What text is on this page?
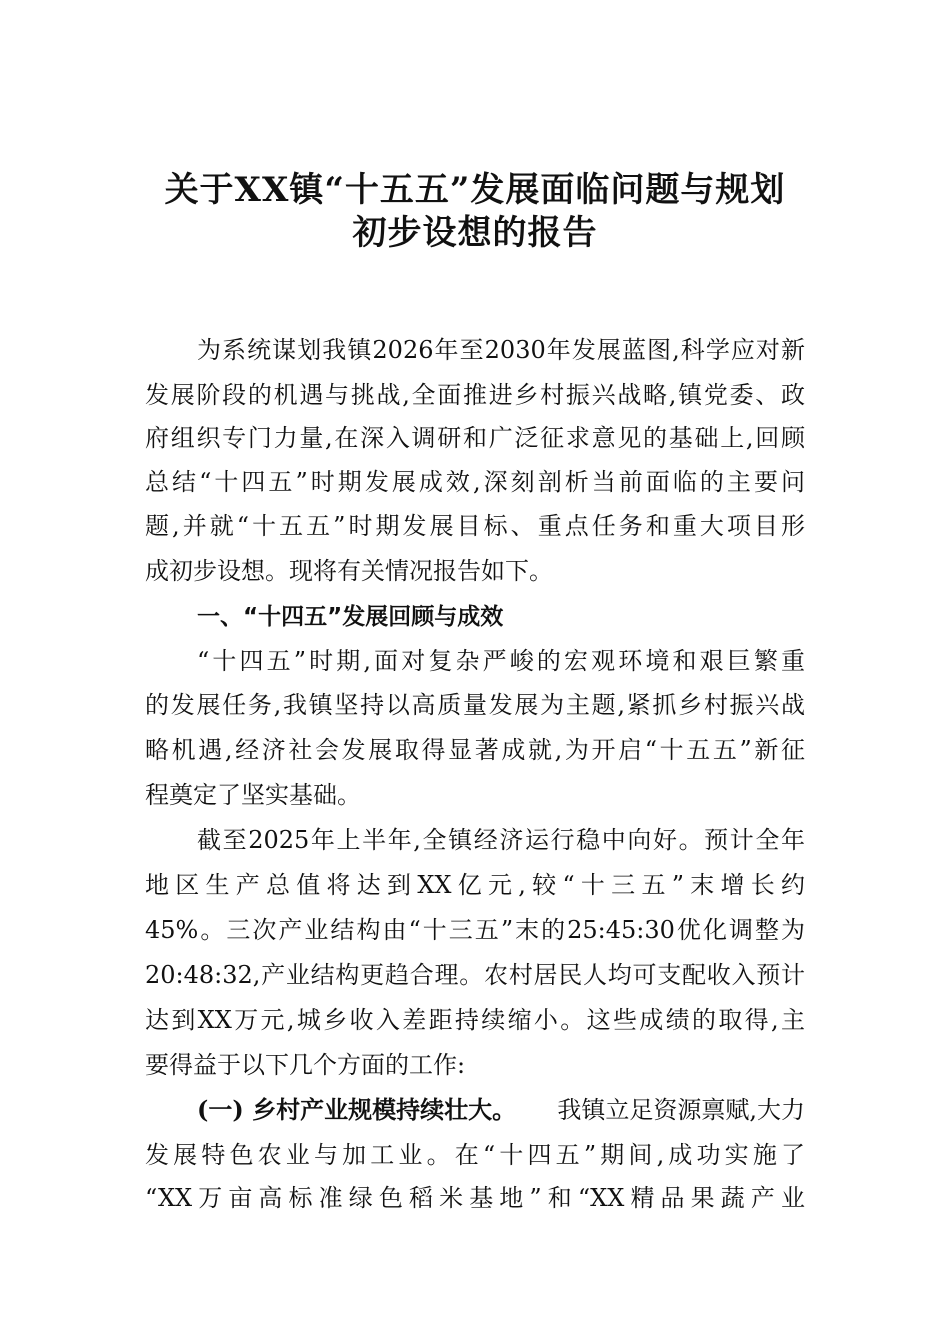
关于XX镇“十五五”发展面临问题与规划
初步设想的报告
为系统谋划我镇2026年至2030年发展蓝图,科学应对新
发展阶段的机遇与挑战,全面推进乡村振兴战略,镇党委、政
府组织专门力量,在深入调研和广泛征求意见的基础上,回顾
总结“十四五”时期发展成效,深刻剖析当前面临的主要问
题,并就“十五五”时期发展目标、重点任务和重大项目形
成初步设想。现将有关情况报告如下。
一、“十四五”发展回顾与成效
“十四五”时期,面对复杂严峻的宏观环境和艰巨繁重
的发展任务,我镇坚持以高质量发展为主题,紧抓乡村振兴战
略机遇,经济社会发展取得显著成就,为开启“十五五”新征
程奠定了坚实基础。
截至2025年上半年,全镇经济运行稳中向好。预计全年
地区生产总值将达到XX亿元,较“十三五”末增长约
45%。三次产业结构由“十三五”末的25:45:30优化调整为
20:48:32,产业结构更趋合理。农村居民人均可支配收入预计
达到XX万元,城乡收入差距持续缩小。这些成绩的取得,主
要得益于以下几个方面的工作:
(一) 乡村产业规模持续壮大。 我镇立足资源禀赋,大力
发展特色农业与加工业。在“十四五”期间,成功实施了
“XX万亩高标准绿色稻米基地”和“XX精品果蔬产业
